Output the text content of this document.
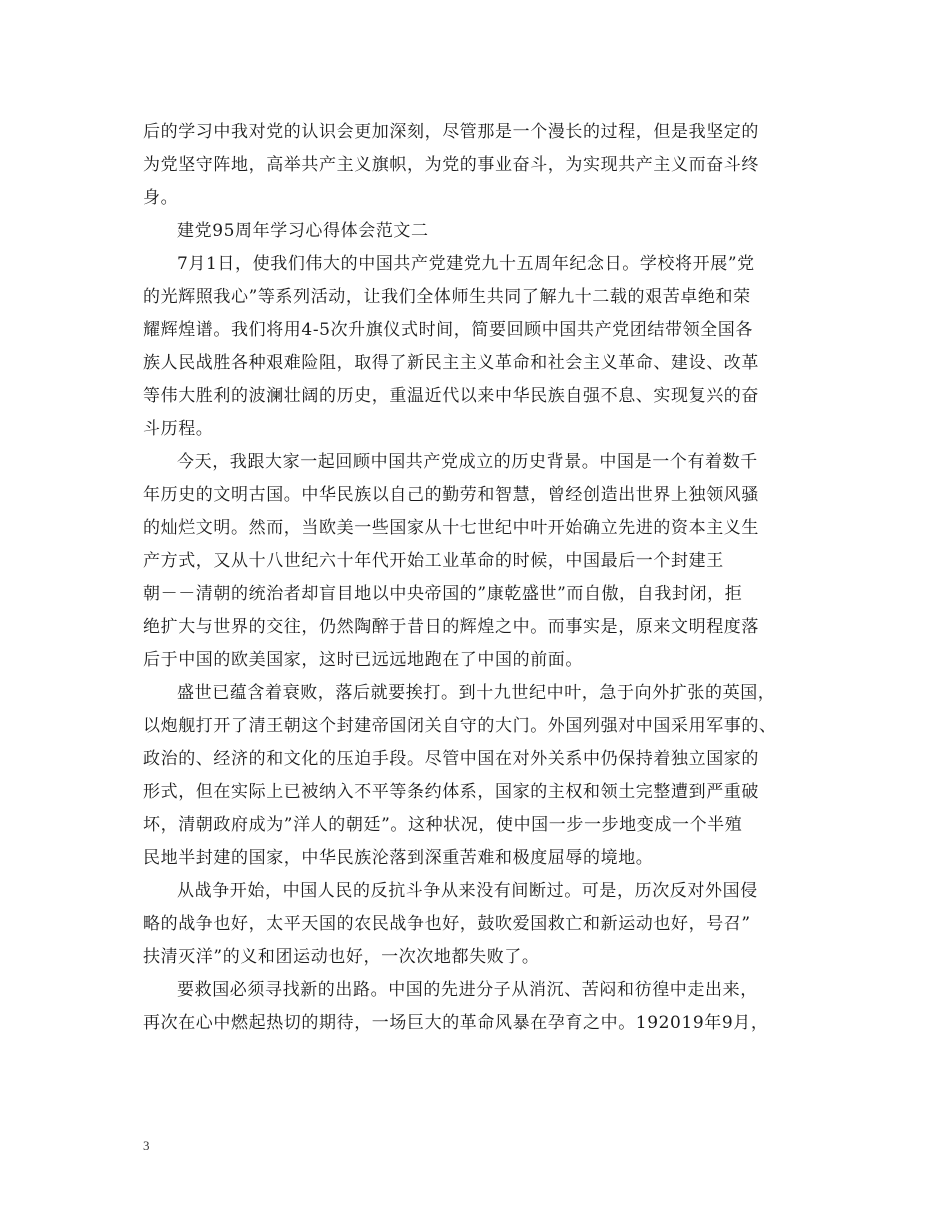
后的学习中我对党的认识会更加深刻，尽管那是一个漫长的过程，但是我坚定的
为党坚守阵地，高举共产主义旗帜，为党的事业奋斗，为实现共产主义而奋斗终
身。
建党95周年学习心得体会范文二
7月1日，使我们伟大的中国共产党建党九十五周年纪念日。学校将开展”党
的光辉照我心”等系列活动，让我们全体师生共同了解九十二载的艰苦卓绝和荣
耀辉煌谱。我们将用4-5次升旗仪式时间，简要回顾中国共产党团结带领全国各
族人民战胜各种艰难险阻，取得了新民主主义革命和社会主义革命、建设、改革
等伟大胜利的波澜壮阔的历史，重温近代以来中华民族自强不息、实现复兴的奋
斗历程。
今天，我跟大家一起回顾中国共产党成立的历史背景。中国是一个有着数千
年历史的文明古国。中华民族以自己的勤劳和智慧，曾经创造出世界上独领风骚
的灿烂文明。然而，当欧美一些国家从十七世纪中叶开始确立先进的资本主义生
产方式，又从十八世纪六十年代开始工业革命的时候，中国最后一个封建王
朝－－清朝的统治者却盲目地以中央帝国的”康乾盛世”而自傲，自我封闭，拒
绝扩大与世界的交往，仍然陶醉于昔日的辉煌之中。而事实是，原来文明程度落
后于中国的欧美国家，这时已远远地跑在了中国的前面。
盛世已蕴含着衰败，落后就要挨打。到十九世纪中叶，急于向外扩张的英国，
以炮舰打开了清王朝这个封建帝国闭关自守的大门。外国列强对中国采用军事的、
政治的、经济的和文化的压迫手段。尽管中国在对外关系中仍保持着独立国家的
形式，但在实际上已被纳入不平等条约体系，国家的主权和领土完整遭到严重破
坏，清朝政府成为”洋人的朝廷”。这种状况，使中国一步一步地变成一个半殖
民地半封建的国家，中华民族沦落到深重苦难和极度屈辱的境地。
从战争开始，中国人民的反抗斗争从来没有间断过。可是，历次反对外国侵
略的战争也好，太平天国的农民战争也好，鼓吹爱国救亡和新运动也好，号召”
扶清灭洋”的义和团运动也好，一次次地都失败了。
要救国必须寻找新的出路。中国的先进分子从消沉、苦闷和彷徨中走出来，
再次在心中燃起热切的期待，一场巨大的革命风暴在孕育之中。192019年9月，
3
